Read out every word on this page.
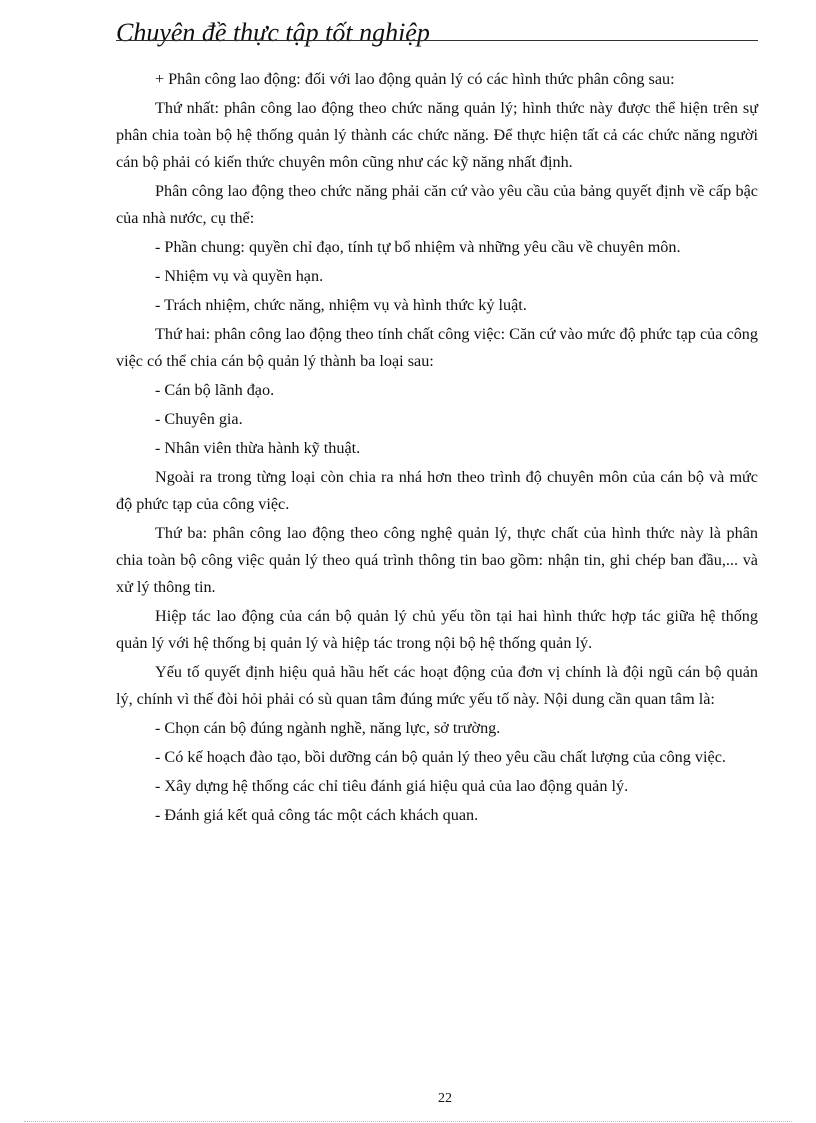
Chuyên đề thực tập tốt nghiệp

+ Phân công lao động: đối với lao động quản lý có các hình thức phân công sau:

Thứ nhất: phân công lao động theo chức năng quản lý; hình thức này được thể hiện trên sự phân chia toàn bộ hệ thống quản lý thành các chức năng. Để thực hiện tất cả các chức năng người cán bộ phải có kiến thức chuyên môn cũng như các kỹ năng nhất định.

Phân công lao động theo chức năng phải căn cứ vào yêu cầu của bảng quyết định về cấp bậc của nhà nước, cụ thể:

- Phần chung: quyền chỉ đạo, tính tự bổ nhiệm và những yêu cầu về chuyên môn.

- Nhiệm vụ và quyền hạn.

- Trách nhiệm, chức năng, nhiệm vụ và hình thức kỷ luật.

Thứ hai: phân công lao động theo tính chất công việc: Căn cứ vào mức độ phức tạp của công việc có thể chia cán bộ quản lý thành ba loại sau:

- Cán bộ lãnh đạo.

- Chuyên gia.

- Nhân viên thừa hành kỹ thuật.

Ngoài ra trong từng loại còn chia ra nhá hơn theo trình độ chuyên môn của cán bộ và mức độ phức tạp của công việc.

Thứ ba: phân công lao động theo công nghệ quản lý, thực chất của hình thức này là phân chia toàn bộ công việc quản lý theo quá trình thông tin bao gồm: nhận tin, ghi chép ban đầu,... và xử lý thông tin.

Hiệp tác lao động của cán bộ quản lý chủ yếu tồn tại hai hình thức hợp tác giữa hệ thống quản lý với hệ thống bị quản lý và hiệp tác trong nội bộ hệ thống quản lý.

Yếu tố quyết định hiệu quả hầu hết các hoạt động của đơn vị chính là đội ngũ cán bộ quản lý, chính vì thế đòi hỏi phải có sù quan tâm đúng mức yếu tố này. Nội dung cần quan tâm là:

- Chọn cán bộ đúng ngành nghề, năng lực, sở trường.

- Có kế hoạch đào tạo, bồi dưỡng cán bộ quản lý theo yêu cầu chất lượng của công việc.

- Xây dựng hệ thống các chỉ tiêu đánh giá hiệu quả của lao động quản lý.

- Đánh giá kết quả công tác một cách khách quan.

22
